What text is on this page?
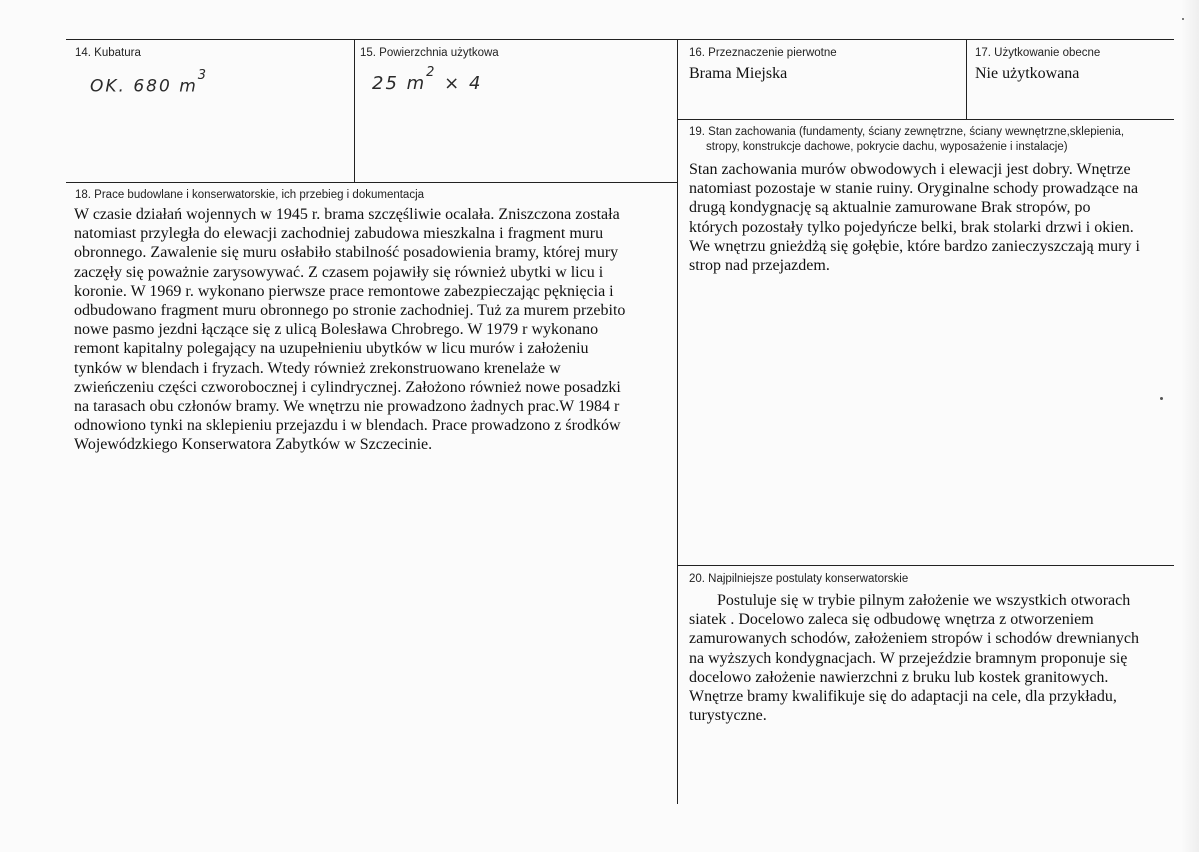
14. Kubatura
OK. 680 $m^3$
15. Powierzchnia użytkowa
25 $m^2 \times 4$
16. Przeznaczenie pierwotne
Brama Miejska
17. Użytkowanie obecne
Nie użytkowana
18. Prace budowlane i konserwatorskie, ich przebieg i dokumentacja

W czasie działań wojennych w 1945 r. brama szczęśliwie ocalała. Zniszczona została

natomiast przyległa do elewacji zachodniej zabudowa mieszkalna i fragment muru

obronnego. Zawalenie się muru osłabiło stabilność posadowienia bramy, której mury

zaczęły się poważnie zarysowywać. Z czasem pojawiły się również ubytki w licu i

koronie. W 1969 r. wykonano pierwsze prace remontowe zabezpieczając pęknięcia i

odbudowano fragment muru obronnego po stronie zachodniej. Tuż za murem przebito

nowe pasmo jezdni łączące się z ulicą Bolesława Chrobrego. W 1979 r wykonano

remont kapitalny polegający na uzupełnieniu ubytków w licu murów i założeniu

tynków w blendach i fryzach. Wtedy również zrekonstruowano krenelaże w

zwieńczeniu części czworobocznej i cylindrycznej. Założono również nowe posadzki

na tarasach obu członów bramy. We wnętrzu nie prowadzono żadnych prac.W 1984 r

odnowiono tynki na sklepieniu przejazdu i w blendach. Prace prowadzono z środków

Wojewódzkiego Konserwatora Zabytków w Szczecinie.

19. Stan zachowania (fundamenty, ściany zewnętrzne, ściany wewnętrzne,sklepienia,
stropy, konstrukcje dachowe, pokrycie dachu, wyposażenie i instalacje)

Stan zachowania murów obwodowych i elewacji jest dobry. Wnętrze

natomiast pozostaje w stanie ruiny. Oryginalne schody prowadzące na

drugą kondygnację są aktualnie zamurowane Brak stropów, po

których pozostały tylko pojedyńcze belki, brak stolarki drzwi i okien.

We wnętrzu gnieżdżą się gołębie, które bardzo zanieczyszczają mury i

strop nad przejazdem.

20. Najpilniejsze postulaty konserwatorskie

Postuluje się w trybie pilnym założenie we wszystkich otworach

siatek . Docelowo zaleca się odbudowę wnętrza z otworzeniem

zamurowanych schodów, założeniem stropów i schodów drewnianych

na wyższych kondygnacjach. W przejeździe bramnym proponuje się

docelowo założenie nawierzchni z bruku lub kostek granitowych.

Wnętrze bramy kwalifikuje się do adaptacji na cele, dla przykładu,

turystyczne.
